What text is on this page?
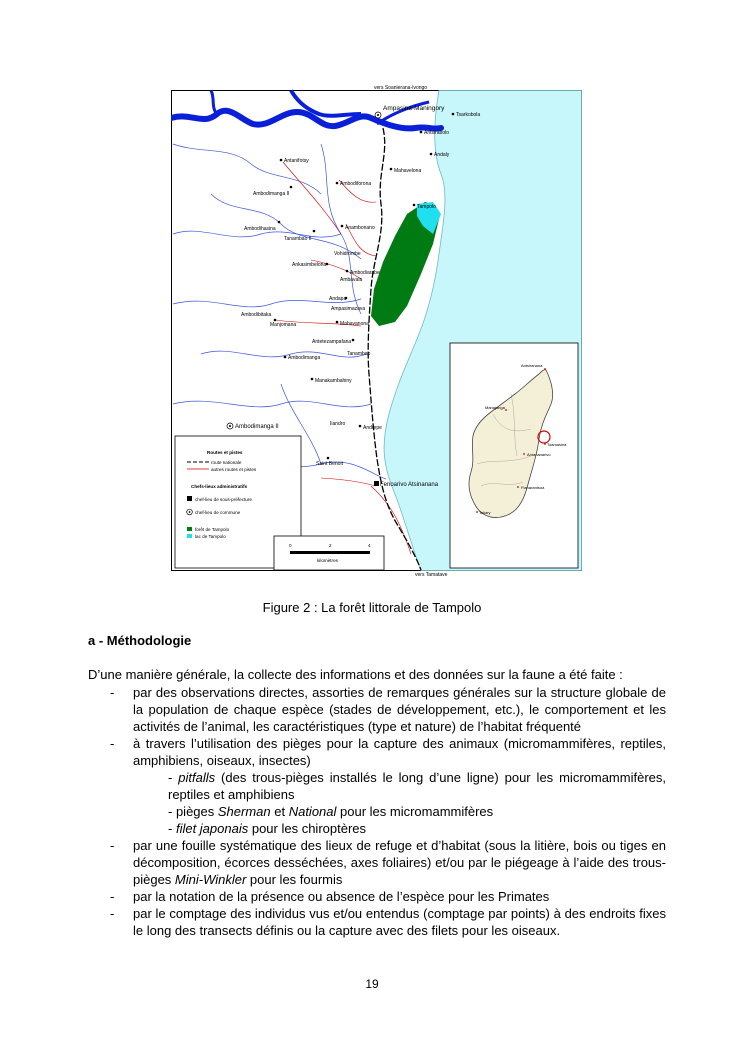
vers Soanierana-Ivongo
Ampasina-Maningory
Tsarkobola
Antsirabolo
Antanifotsy
Andaly
Mahavelona
Ambodimanga II
Ambodiforona
Tampolo
Ambodihasina
Tanambao II
Anambonano
Vohidrombe
Ankasimbelona
Ambodiarabe
Ambavala
Andapa
Ampasimazava
Ambodibitaka
Manjomana	Mahavanona
Antetezampafana
Ambodimanga
Tanambao
Manakambahiny
Ambodimanga II	Iiandro
Andrepe
Saint Benoit
Fenoarivo Atsinanana
vers Tamatave
Antsiranana
Mahajanga
Toamasina
Antananarivo
Fianarantsoa
Toliary
Routes et pistes
route nationale
autres routes et pistes
Chefs-lieux administratifs
chef-lieu de sous-préfecture
chef-lieu de commune
forêt de Tampolo
lac de Tampolo
0	2	4
kilomètres
Figure 2 : La forêt littorale de Tampolo
a - Méthodologie
D’une manière générale, la collecte des informations et des données sur la faune a été faite :
-	par des observations directes, assorties de remarques générales sur la structure globale de la population de chaque espèce (stades de développement, etc.), le comportement et les activités de l’animal, les caractéristiques (type et nature) de l’habitat fréquenté
-	à travers l’utilisation des pièges pour la capture des animaux (micromammifères, reptiles, amphibiens, oiseaux, insectes)
- pitfalls (des trous-pièges installés le long d’une ligne) pour les micromammifères, reptiles et amphibiens
- pièges Sherman et National pour les micromammifères
- filet japonais pour les chiroptères
-	par une fouille systématique des lieux de refuge et d’habitat (sous la litière, bois ou tiges en décomposition, écorces desséchées, axes foliaires) et/ou par le piégeage à l’aide des trous-pièges Mini-Winkler pour les fourmis
-	par la notation de la présence ou absence de l’espèce pour les Primates
-	par le comptage des individus vus et/ou entendus (comptage par points) à des endroits fixes le long des transects définis ou la capture avec des filets pour les oiseaux.
19
